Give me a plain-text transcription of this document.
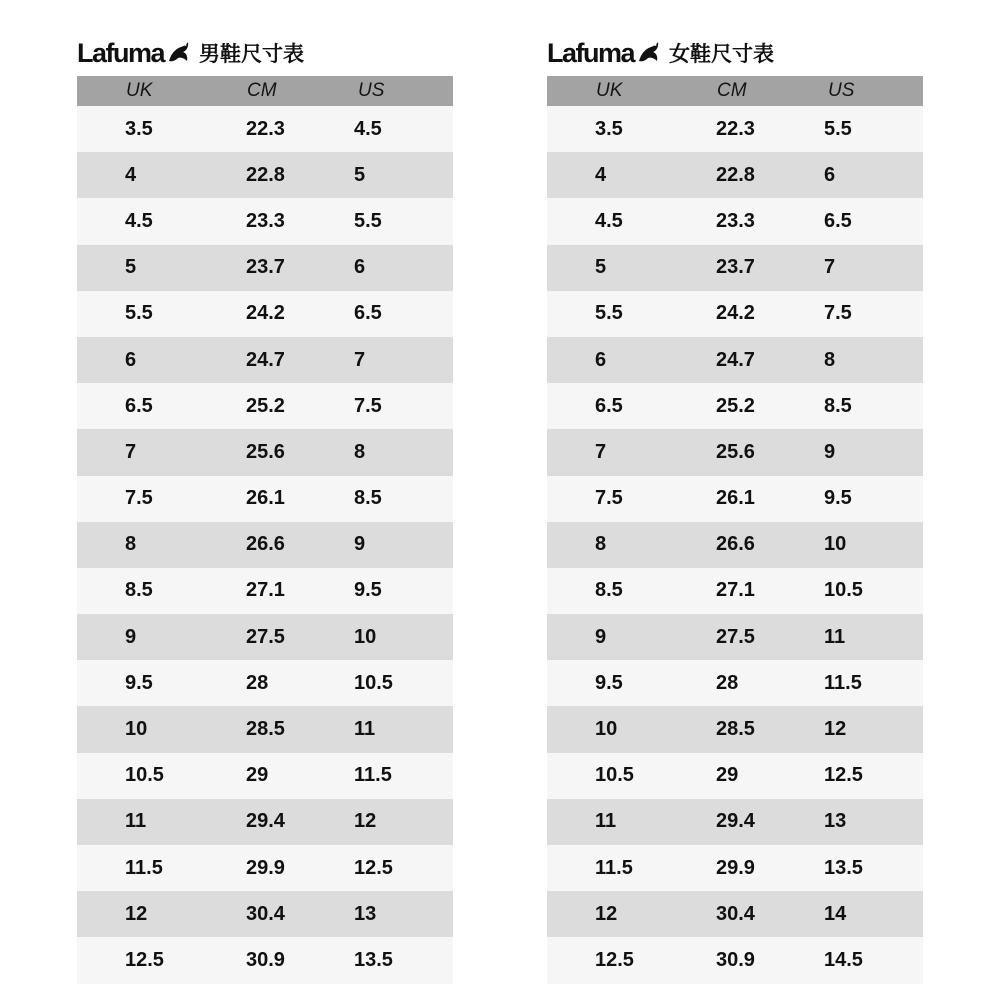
Lafuma 男鞋尺寸表
UK	CM	US
3.5	22.3	4.5
4	22.8	5
4.5	23.3	5.5
5	23.7	6
5.5	24.2	6.5
6	24.7	7
6.5	25.2	7.5
7	25.6	8
7.5	26.1	8.5
8	26.6	9
8.5	27.1	9.5
9	27.5	10
9.5	28	10.5
10	28.5	11
10.5	29	11.5
11	29.4	12
11.5	29.9	12.5
12	30.4	13
12.5	30.9	13.5
Lafuma 女鞋尺寸表
UK	CM	US
3.5	22.3	5.5
4	22.8	6
4.5	23.3	6.5
5	23.7	7
5.5	24.2	7.5
6	24.7	8
6.5	25.2	8.5
7	25.6	9
7.5	26.1	9.5
8	26.6	10
8.5	27.1	10.5
9	27.5	11
9.5	28	11.5
10	28.5	12
10.5	29	12.5
11	29.4	13
11.5	29.9	13.5
12	30.4	14
12.5	30.9	14.5
